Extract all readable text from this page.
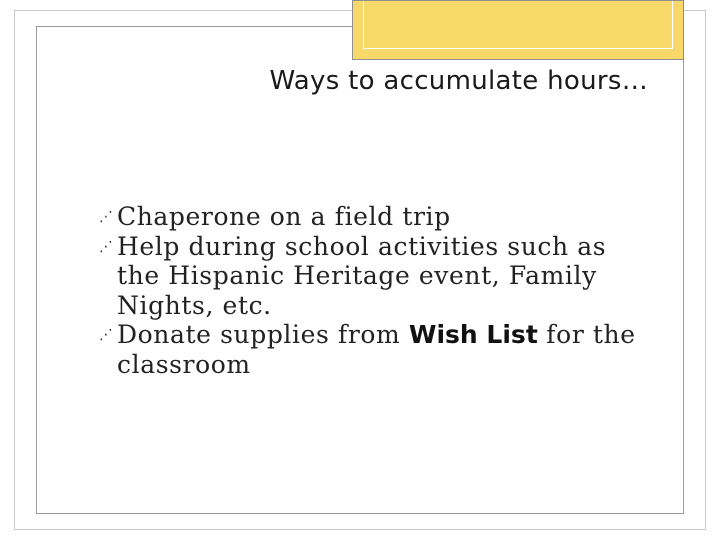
Ways to accumulate hours…

⋰ Chaperone on a field trip

⋰ Help during school activities such as the Hispanic Heritage event, Family Nights, etc.

⋰ Donate supplies from Wish List for the classroom
